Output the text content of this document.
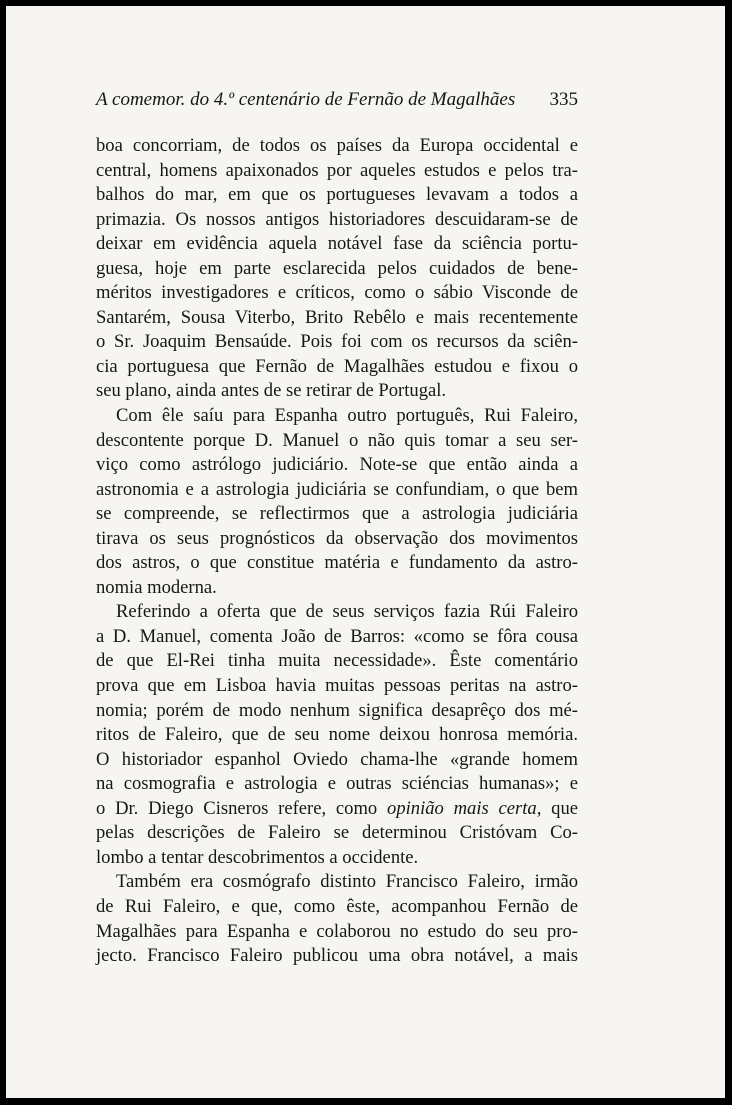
A comemor. do 4.º centenário de Fernão de Magalhães 335
boa concorriam, de todos os países da Europa occidental e
central, homens apaixonados por aqueles estudos e pelos tra-
balhos do mar, em que os portugueses levavam a todos a
primazia. Os nossos antigos historiadores descuidaram-se de
deixar em evidência aquela notável fase da sciência portu-
guesa, hoje em parte esclarecida pelos cuidados de bene-
méritos investigadores e críticos, como o sábio Visconde de
Santarém, Sousa Viterbo, Brito Rebêlo e mais recentemente
o Sr. Joaquim Bensaúde. Pois foi com os recursos da sciên-
cia portuguesa que Fernão de Magalhães estudou e fixou o
seu plano, ainda antes de se retirar de Portugal.
Com êle saíu para Espanha outro português, Rui Faleiro,
descontente porque D. Manuel o não quis tomar a seu ser-
viço como astrólogo judiciário. Note-se que então ainda a
astronomia e a astrologia judiciária se confundiam, o que bem
se compreende, se reflectirmos que a astrologia judiciária
tirava os seus prognósticos da observação dos movimentos
dos astros, o que constitue matéria e fundamento da astro-
nomia moderna.
Referindo a oferta que de seus serviços fazia Rúi Faleiro
a D. Manuel, comenta João de Barros: «como se fôra cousa
de que El-Rei tinha muita necessidade». Êste comentário
prova que em Lisboa havia muitas pessoas peritas na astro-
nomia; porém de modo nenhum significa desaprêço dos mé-
ritos de Faleiro, que de seu nome deixou honrosa memória.
O historiador espanhol Oviedo chama-lhe «grande homem
na cosmografia e astrologia e outras sciéncias humanas»; e
o Dr. Diego Cisneros refere, como opinião mais certa, que
pelas descrições de Faleiro se determinou Cristóvam Co-
lombo a tentar descobrimentos a occidente.
Também era cosmógrafo distinto Francisco Faleiro, irmão
de Rui Faleiro, e que, como êste, acompanhou Fernão de
Magalhães para Espanha e colaborou no estudo do seu pro-
jecto. Francisco Faleiro publicou uma obra notável, a mais
